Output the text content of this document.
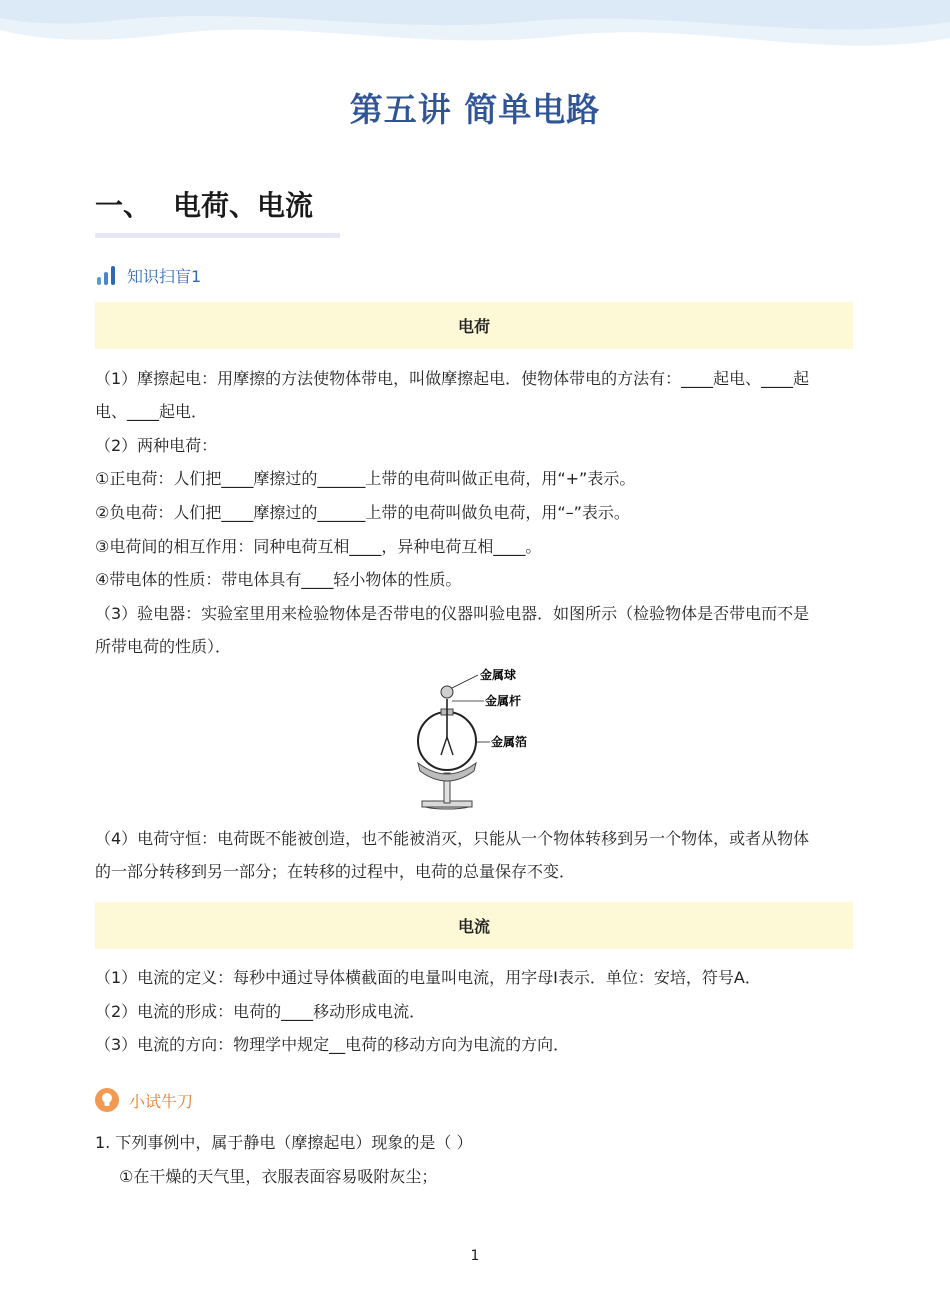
第五讲 简单电路
一、 电荷、电流
知识扫盲1
电荷
（1）摩擦起电：用摩擦的方法使物体带电，叫做摩擦起电．使物体带电的方法有：____起电、____起
电、____起电．
（2）两种电荷：
①正电荷：人们把____摩擦过的______上带的电荷叫做正电荷，用“+”表示。
②负电荷：人们把____摩擦过的______上带的电荷叫做负电荷，用“–”表示。
③电荷间的相互作用：同种电荷互相____，异种电荷互相____。
④带电体的性质：带电体具有____轻小物体的性质。
（3）验电器：实验室里用来检验物体是否带电的仪器叫验电器．如图所示（检验物体是否带电而不是
所带电荷的性质）．
金属球
金属杆
金属箔
（4）电荷守恒：电荷既不能被创造，也不能被消灭，只能从一个物体转移到另一个物体，或者从物体
的一部分转移到另一部分；在转移的过程中，电荷的总量保存不变．
电流
（1）电流的定义：每秒中通过导体横截面的电量叫电流，用字母I表示．单位：安培，符号A．
（2）电流的形成：电荷的____移动形成电流．
（3）电流的方向：物理学中规定__电荷的移动方向为电流的方向．
小试牛刀
1. 下列事例中，属于静电（摩擦起电）现象的是（ ）
①在干燥的天气里，衣服表面容易吸附灰尘；
1
